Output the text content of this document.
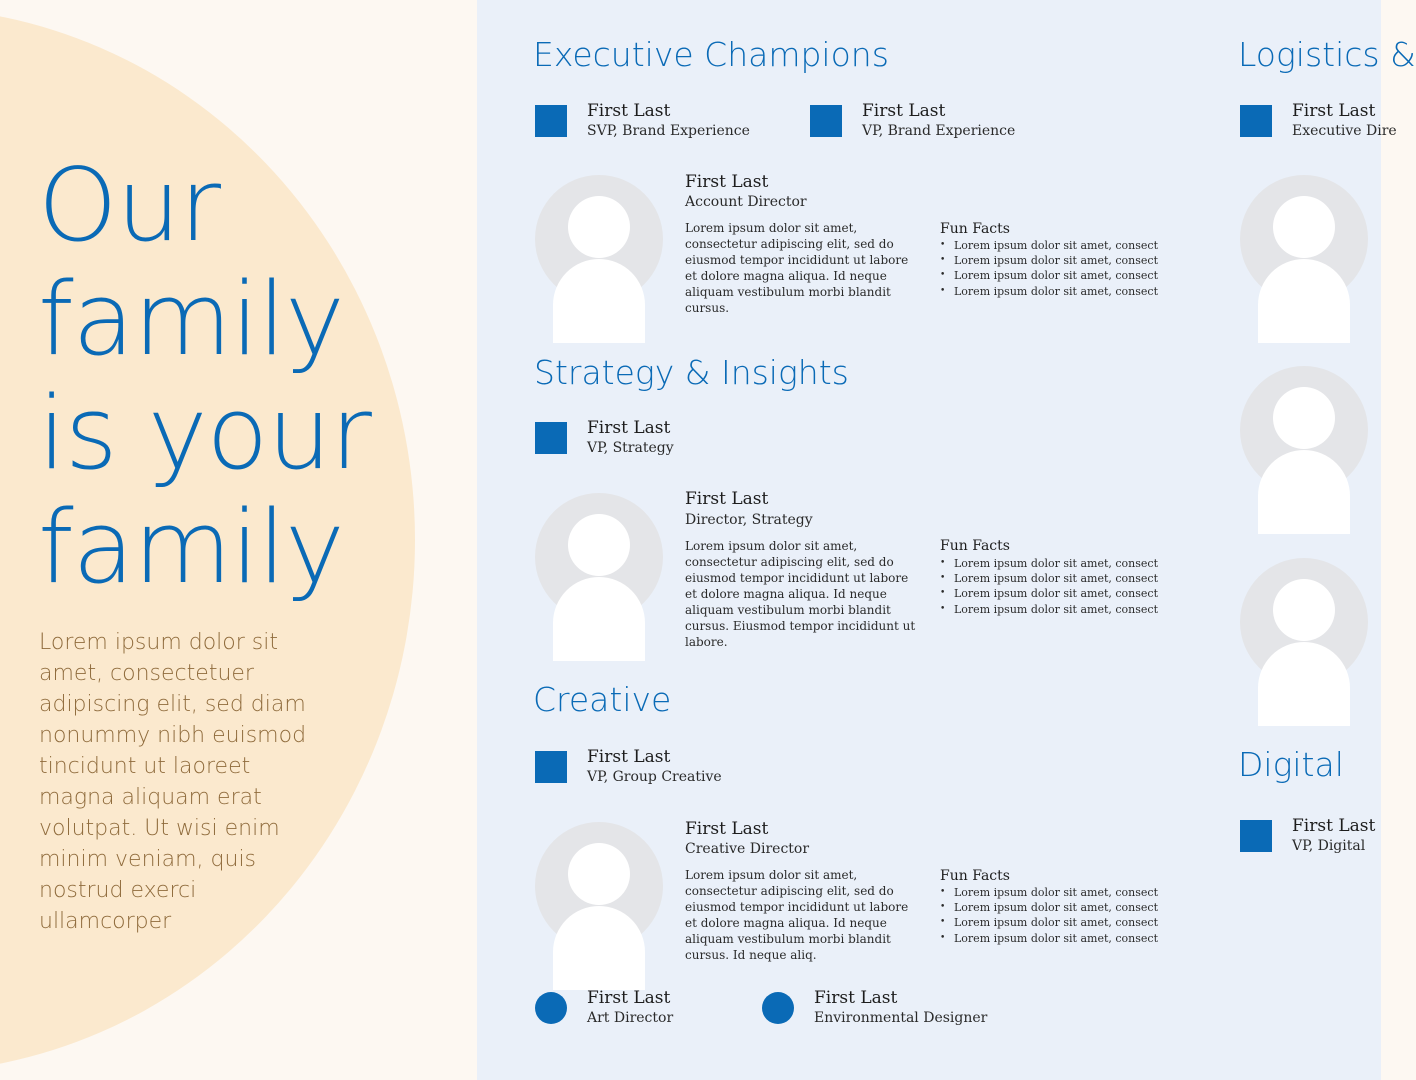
Our
family
is your
family

Lorem ipsum dolor sit amet, consectetuer adipiscing elit, sed diam nonummy nibh euismod tincidunt ut laoreet magna aliquam erat volutpat. Ut wisi enim minim veniam, quis nostrud exerci ullamcorper

Executive Champions
First Last
SVP, Brand Experience
First Last
VP, Brand Experience
First Last
Account Director

Lorem ipsum dolor sit amet, consectetur adipiscing elit, sed do eiusmod tempor incididunt ut labore et dolore magna aliqua. Id neque aliquam vestibulum morbi blandit cursus.

Fun Facts
• Lorem ipsum dolor sit amet, consect
• Lorem ipsum dolor sit amet, consect
• Lorem ipsum dolor sit amet, consect
• Lorem ipsum dolor sit amet, consect
Strategy & Insights
First Last
VP, Strategy
First Last
Director, Strategy

Lorem ipsum dolor sit amet, consectetur adipiscing elit, sed do eiusmod tempor incididunt ut labore et dolore magna aliqua. Id neque aliquam vestibulum morbi blandit cursus. Eiusmod tempor incididunt ut labore.

Fun Facts
• Lorem ipsum dolor sit amet, consect
• Lorem ipsum dolor sit amet, consect
• Lorem ipsum dolor sit amet, consect
• Lorem ipsum dolor sit amet, consect
Creative
First Last
VP, Group Creative
First Last
Creative Director

Lorem ipsum dolor sit amet, consectetur adipiscing elit, sed do eiusmod tempor incididunt ut labore et dolore magna aliqua. Id neque aliquam vestibulum morbi blandit cursus. Id neque aliq.

Fun Facts
• Lorem ipsum dolor sit amet, consect
• Lorem ipsum dolor sit amet, consect
• Lorem ipsum dolor sit amet, consect
• Lorem ipsum dolor sit amet, consect
First Last
Art Director
First Last
Environmental Designer
Logistics &
First Last
Executive Dire
Digital
First Last
VP, Digital
